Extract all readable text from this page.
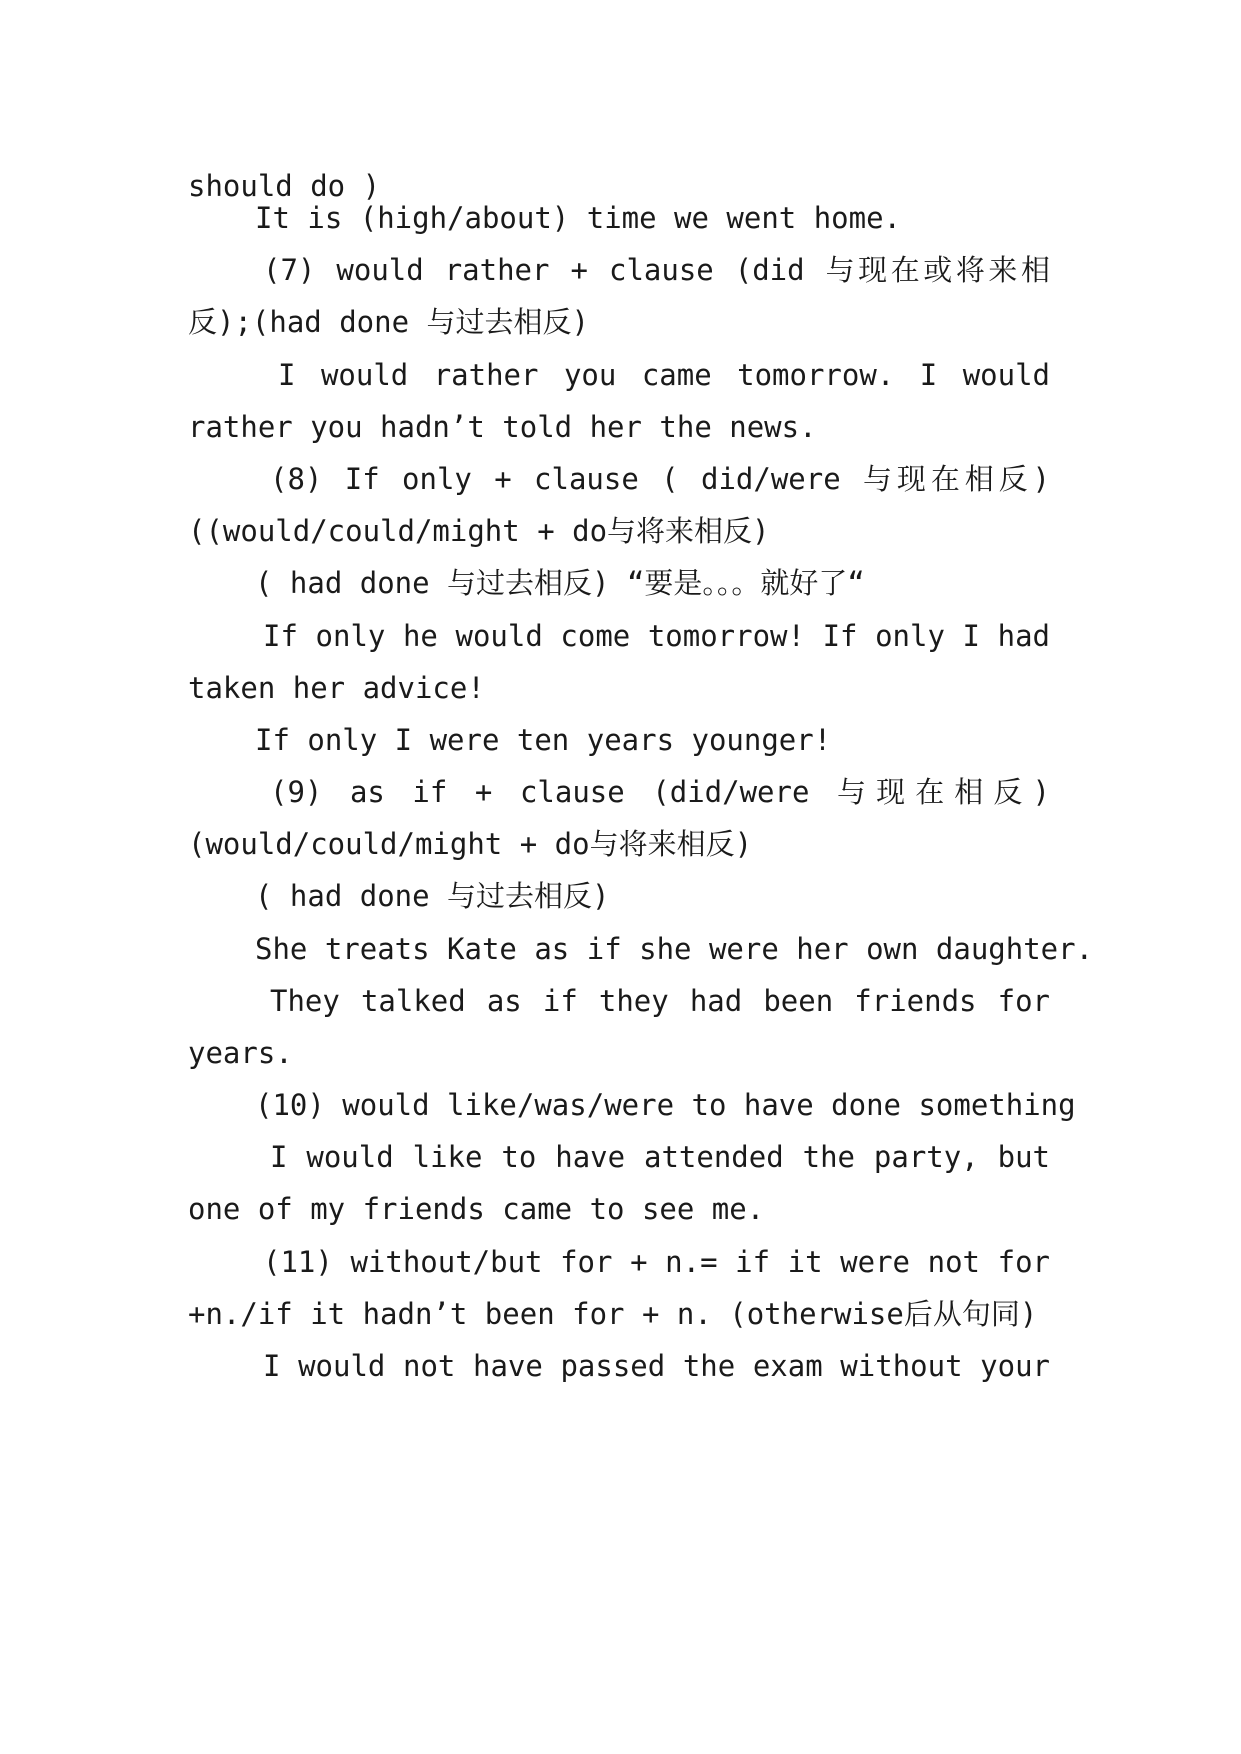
should do )
It is (high/about) time we went home.
(7) would rather + clause (did 与现在或将来相
反);(had done 与过去相反)
I would rather you came tomorrow. I would
rather you hadn’t told her the news.
(8) If only + clause ( did/were 与现在相反)
((would/could/might + do与将来相反)
( had done 与过去相反) “要是。。。就好了“
If only he would come tomorrow! If only I had
taken her advice!
If only I were ten years younger!
(9) as if + clause (did/were 与现在相反)
(would/could/might + do与将来相反)
( had done 与过去相反)
She treats Kate as if she were her own daughter.
They talked as if they had been friends for
years.
(10) would like/was/were to have done something
I would like to have attended the party, but
one of my friends came to see me.
(11) without/but for + n.= if it were not for
+n./if it hadn’t been for + n. (otherwise后从句同)
I would not have passed the exam without your
